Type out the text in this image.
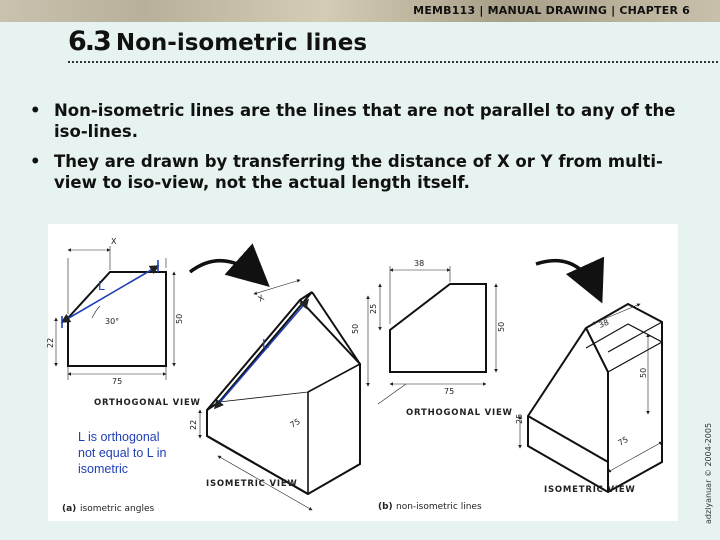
MEMB113 | MANUAL DRAWING | CHAPTER 6
6.3 Non-isometric lines
• Non-isometric lines are the lines that are not parallel to any of the iso-lines.
• They are drawn by transferring the distance of X or Y from multi-view to iso-view, not the actual length itself.
X
L
30°	50
22
75
ORTHOGONAL VIEW
X
L
50
22	75
ISOMETRIC VIEW
38
25
50
75
ORTHOGONAL VIEW
38
50
25
75
ISOMETRIC VIEW
(a) isometric angles	(b) non-isometric lines
L is orthogonal not equal to L in isometric	adzlyanuar © 2004-2005
